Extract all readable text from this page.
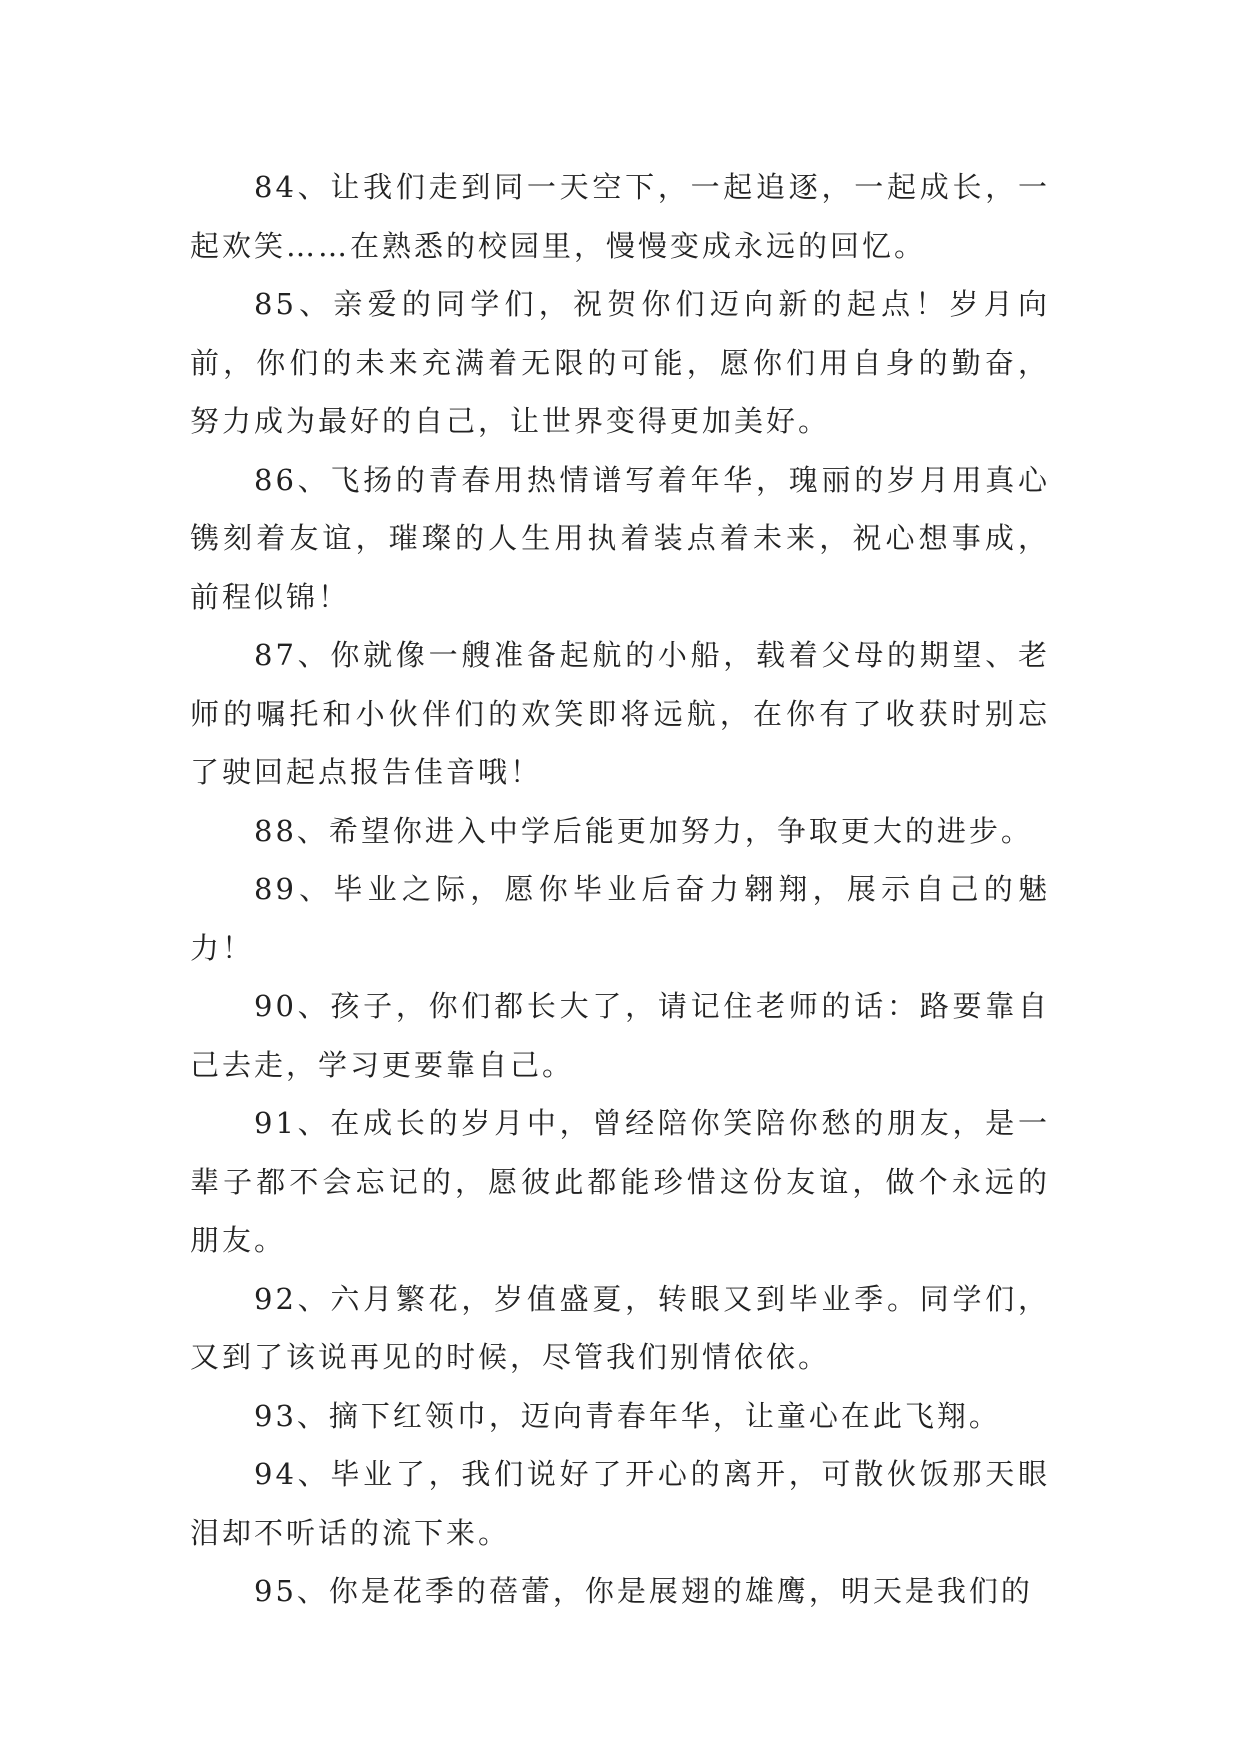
84、让我们走到同一天空下，一起追逐，一起成长，一起欢笑……在熟悉的校园里，慢慢变成永远的回忆。

85、亲爱的同学们，祝贺你们迈向新的起点！岁月向前，你们的未来充满着无限的可能，愿你们用自身的勤奋，努力成为最好的自己，让世界变得更加美好。

86、飞扬的青春用热情谱写着年华，瑰丽的岁月用真心镌刻着友谊，璀璨的人生用执着装点着未来，祝心想事成，前程似锦！

87、你就像一艘准备起航的小船，载着父母的期望、老师的嘱托和小伙伴们的欢笑即将远航，在你有了收获时别忘了驶回起点报告佳音哦！

88、希望你进入中学后能更加努力，争取更大的进步。

89、毕业之际，愿你毕业后奋力翱翔，展示自己的魅力！

90、孩子，你们都长大了，请记住老师的话：路要靠自己去走，学习更要靠自己。

91、在成长的岁月中，曾经陪你笑陪你愁的朋友，是一辈子都不会忘记的，愿彼此都能珍惜这份友谊，做个永远的朋友。

92、六月繁花，岁值盛夏，转眼又到毕业季。同学们，又到了该说再见的时候，尽管我们别情依依。

93、摘下红领巾，迈向青春年华，让童心在此飞翔。

94、毕业了，我们说好了开心的离开，可散伙饭那天眼泪却不听话的流下来。

95、你是花季的蓓蕾，你是展翅的雄鹰，明天是我们的
